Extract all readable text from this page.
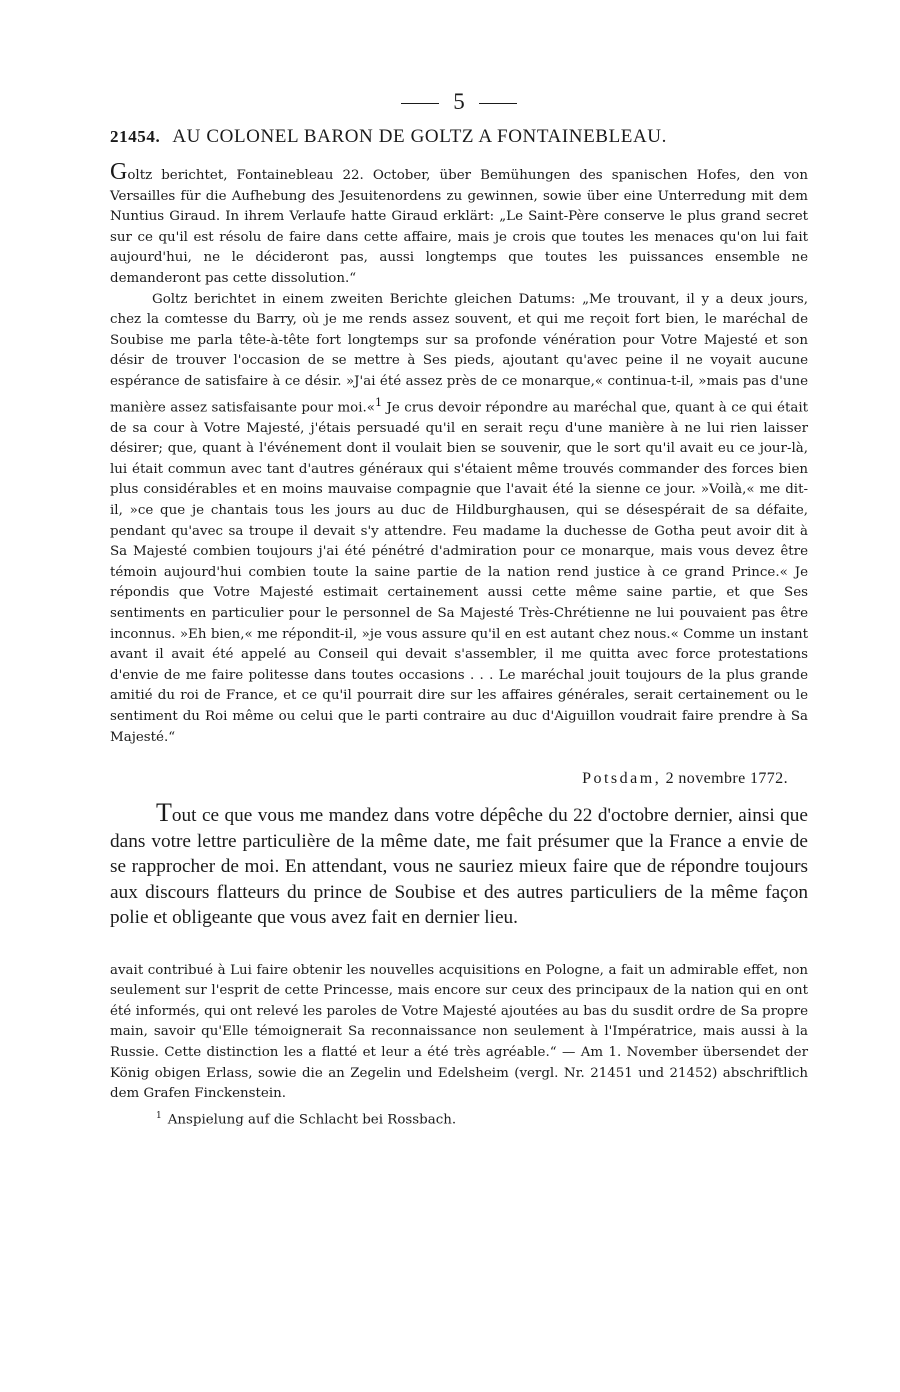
5
21454. AU COLONEL BARON DE GOLTZ A FONTAINEBLEAU.

Goltz berichtet, Fontainebleau 22. October, über Bemühungen des spanischen Hofes, den von Versailles für die Aufhebung des Jesuitenordens zu gewinnen, sowie über eine Unterredung mit dem Nuntius Giraud. In ihrem Verlaufe hatte Giraud erklärt: „Le Saint-Père conserve le plus grand secret sur ce qu'il est résolu de faire dans cette affaire, mais je crois que toutes les menaces qu'on lui fait aujourd'hui, ne le décideront pas, aussi longtemps que toutes les puissances ensemble ne demanderont pas cette dissolution.“

Goltz berichtet in einem zweiten Berichte gleichen Datums: „Me trouvant, il y a deux jours, chez la comtesse du Barry, où je me rends assez souvent, et qui me reçoit fort bien, le maréchal de Soubise me parla tête-à-tête fort longtemps sur sa profonde vénération pour Votre Majesté et son désir de trouver l'occasion de se mettre à Ses pieds, ajoutant qu'avec peine il ne voyait aucune espérance de satisfaire à ce désir. »J'ai été assez près de ce monarque,« continua-t-il, »mais pas d'une manière assez satisfaisante pour moi.«$^1$ Je crus devoir répondre au maréchal que, quant à ce qui était de sa cour à Votre Majesté, j'étais persuadé qu'il en serait reçu d'une manière à ne lui rien laisser désirer; que, quant à l'événement dont il voulait bien se souvenir, que le sort qu'il avait eu ce jour-là, lui était commun avec tant d'autres généraux qui s'étaient même trouvés commander des forces bien plus considérables et en moins mauvaise compagnie que l'avait été la sienne ce jour. »Voilà,« me dit-il, »ce que je chantais tous les jours au duc de Hildburghausen, qui se désespérait de sa défaite, pendant qu'avec sa troupe il devait s'y attendre. Feu madame la duchesse de Gotha peut avoir dit à Sa Majesté combien toujours j'ai été pénétré d'admiration pour ce monarque, mais vous devez être témoin aujourd'hui combien toute la saine partie de la nation rend justice à ce grand Prince.« Je répondis que Votre Majesté estimait certainement aussi cette même saine partie, et que Ses sentiments en particulier pour le personnel de Sa Majesté Très-Chrétienne ne lui pouvaient pas être inconnus. »Eh bien,« me répondit-il, »je vous assure qu'il en est autant chez nous.« Comme un instant avant il avait été appelé au Conseil qui devait s'assembler, il me quitta avec force protestations d'envie de me faire politesse dans toutes occasions . . . Le maréchal jouit toujours de la plus grande amitié du roi de France, et ce qu'il pourrait dire sur les affaires générales, serait certainement ou le sentiment du Roi même ou celui que le parti contraire au duc d'Aiguillon voudrait faire prendre à Sa Majesté.“

Potsdam, 2 novembre 1772.

Tout ce que vous me mandez dans votre dépêche du 22 d'octobre dernier, ainsi que dans votre lettre particulière de la même date, me fait présumer que la France a envie de se rapprocher de moi. En attendant, vous ne sauriez mieux faire que de répondre toujours aux discours flatteurs du prince de Soubise et des autres particuliers de la même façon polie et obligeante que vous avez fait en dernier lieu.

avait contribué à Lui faire obtenir les nouvelles acquisitions en Pologne, a fait un admirable effet, non seulement sur l'esprit de cette Princesse, mais encore sur ceux des principaux de la nation qui en ont été informés, qui ont relevé les paroles de Votre Majesté ajoutées au bas du susdit ordre de Sa propre main, savoir qu'Elle témoignerait Sa reconnaissance non seulement à l'Impératrice, mais aussi à la Russie. Cette distinction les a flatté et leur a été très agréable.“ — Am 1. November übersendet der König obigen Erlass, sowie die an Zegelin und Edelsheim (vergl. Nr. 21451 und 21452) abschriftlich dem Grafen Finckenstein.

$^1$ Anspielung auf die Schlacht bei Rossbach.
